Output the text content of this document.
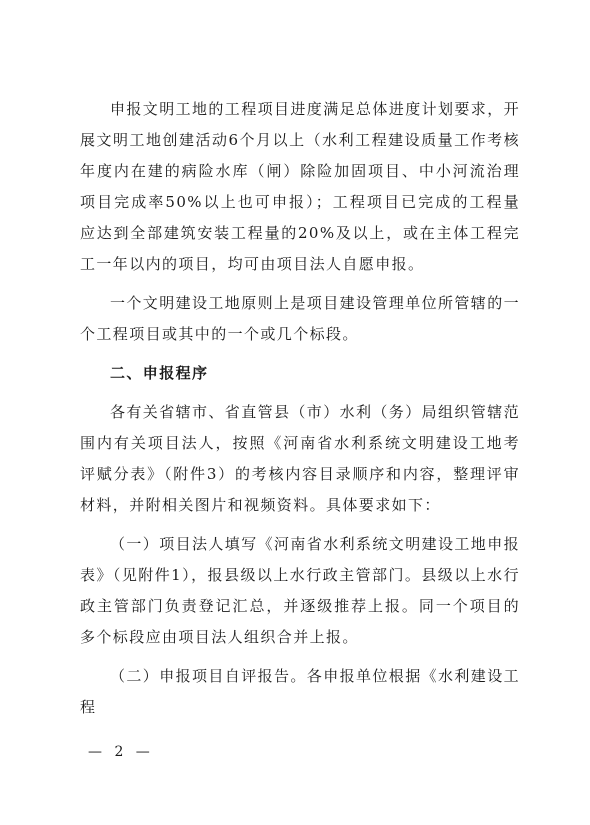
申报文明工地的工程项目进度满足总体进度计划要求，开展文明工地创建活动6个月以上（水利工程建设质量工作考核年度内在建的病险水库（闸）除险加固项目、中小河流治理项目完成率50%以上也可申报）；工程项目已完成的工程量应达到全部建筑安装工程量的20%及以上，或在主体工程完工一年以内的项目，均可由项目法人自愿申报。

一个文明建设工地原则上是项目建设管理单位所管辖的一个工程项目或其中的一个或几个标段。

二、申报程序

各有关省辖市、省直管县（市）水利（务）局组织管辖范围内有关项目法人，按照《河南省水利系统文明建设工地考评赋分表》（附件3）的考核内容目录顺序和内容，整理评审材料，并附相关图片和视频资料。具体要求如下：

（一）项目法人填写《河南省水利系统文明建设工地申报表》（见附件1），报县级以上水行政主管部门。县级以上水行政主管部门负责登记汇总，并逐级推荐上报。同一个项目的多个标段应由项目法人组织合并上报。

（二）申报项目自评报告。各申报单位根据《水利建设工程

— 2 —
